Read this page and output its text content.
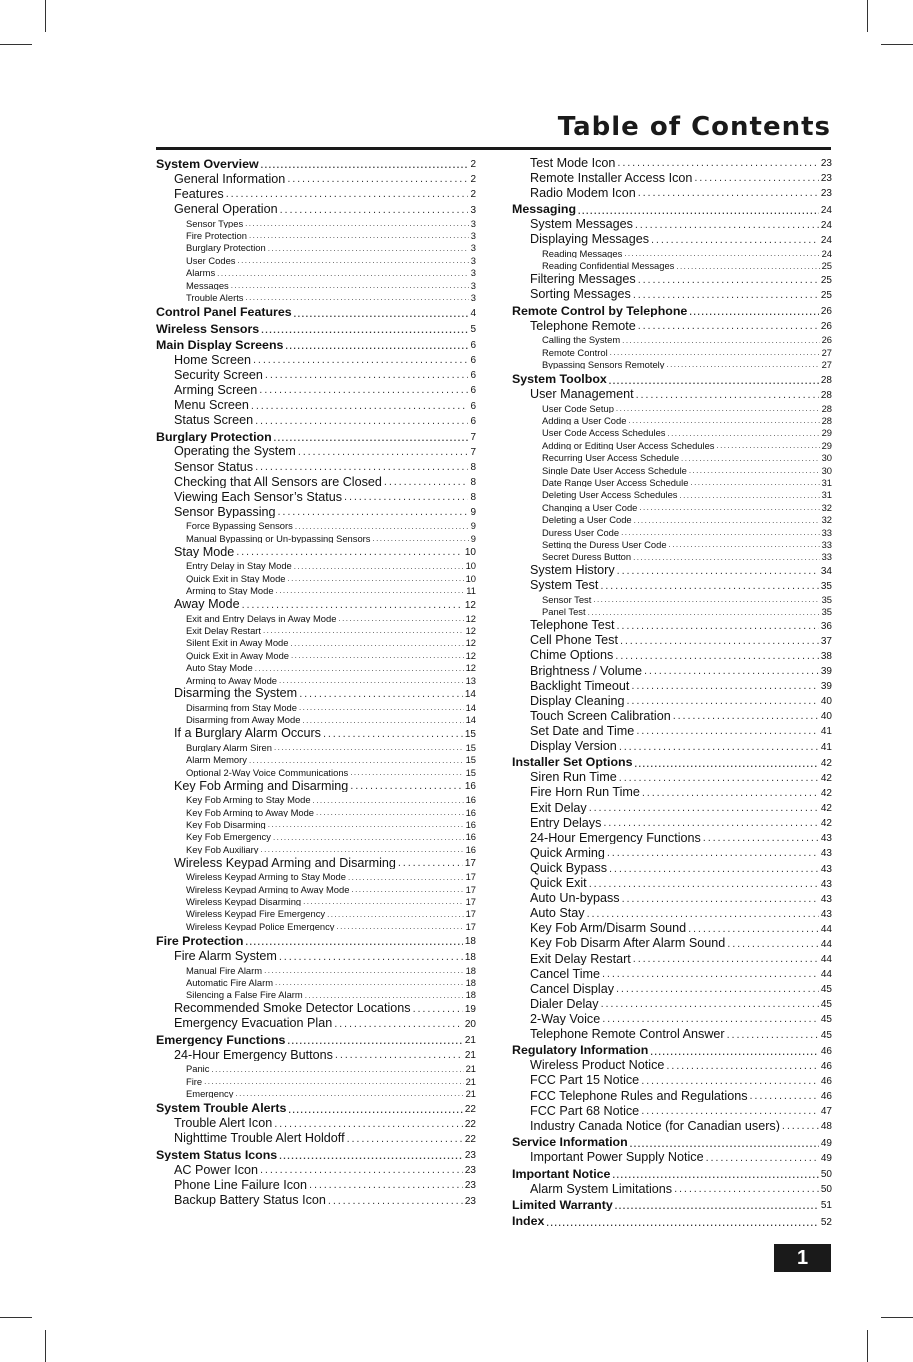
Table of Contents
System Overview . . .	2
General Information . . .	2
Features . . .	2
General Operation . . .	3
Sensor Types . . .	3
Fire Protection . . .	3
Burglary Protection . . .	3
User Codes . . .	3
Alarms . . .	3
Messages . . .	3
Trouble Alerts . . .	3
Control Panel Features . . .	4
Wireless Sensors . . .	5
Main Display Screens . . .	6
Home Screen . . .	6
Security Screen . . .	6
Arming Screen . . .	6
Menu Screen . . .	6
Status Screen . . .	6
Burglary Protection . . .	7
Operating the System . . .	7
Sensor Status . . .	8
Checking that All Sensors are Closed . . .	8
Viewing Each Sensor’s Status . . .	8
Sensor Bypassing . . .	9
Force Bypassing Sensors . . .	9
Manual Bypassing or Un-bypassing Sensors . . .	9
Stay Mode . . .	10
Entry Delay in Stay Mode . . .	10
Quick Exit in Stay Mode . . .	10
Arming to Stay Mode . . .	11
Away Mode . . .	12
Exit and Entry Delays in Away Mode . . .	12
Exit Delay Restart . . .	12
Silent Exit in Away Mode . . .	12
Quick Exit in Away Mode . . .	12
Auto Stay Mode . . .	12
Arming to Away Mode . . .	13
Disarming the System . . .	14
Disarming from Stay Mode . . .	14
Disarming from Away Mode . . .	14
If a Burglary Alarm Occurs . . .	15
Burglary Alarm Siren . . .	15
Alarm Memory . . .	15
Optional 2-Way Voice Communications . . .	15
Key Fob Arming and Disarming . . .	16
Key Fob Arming to Stay Mode . . .	16
Key Fob Arming to Away Mode . . .	16
Key Fob Disarming . . .	16
Key Fob Emergency . . .	16
Key Fob Auxiliary . . .	16
Wireless Keypad Arming and Disarming . . .	17
Wireless Keypad Arming to Stay Mode . . .	17
Wireless Keypad Arming to Away Mode . . .	17
Wireless Keypad Disarming . . .	17
Wireless Keypad Fire Emergency . . .	17
Wireless Keypad Police Emergency . . .	17
Fire Protection . . .	18
Fire Alarm System . . .	18
Manual Fire Alarm . . .	18
Automatic Fire Alarm . . .	18
Silencing a False Fire Alarm . . .	18
Recommended Smoke Detector Locations . . .	19
Emergency Evacuation Plan . . .	20
Emergency Functions . . .	21
24-Hour Emergency Buttons . . .	21
Panic . . .	21
Fire . . .	21
Emergency . . .	21
System Trouble Alerts . . .	22
Trouble Alert Icon . . .	22
Nighttime Trouble Alert Holdoff . . .	22
System Status Icons . . .	23
AC Power Icon . . .	23
Phone Line Failure Icon . . .	23
Backup Battery Status Icon . . .	23
Test Mode Icon . . .	23
Remote Installer Access Icon . . .	23
Radio Modem Icon . . .	23
Messaging . . .	24
System Messages . . .	24
Displaying Messages . . .	24
Reading Messages . . .	24
Reading Confidential Messages . . .	25
Filtering Messages . . .	25
Sorting Messages . . .	25
Remote Control by Telephone . . .	26
Telephone Remote . . .	26
Calling the System . . .	26
Remote Control . . .	27
Bypassing Sensors Remotely . . .	27
System Toolbox . . .	28
User Management . . .	28
User Code Setup . . .	28
Adding a User Code . . .	28
User Code Access Schedules . . .	29
Adding or Editing User Access Schedules . . .	29
Recurring User Access Schedule . . .	30
Single Date User Access Schedule . . .	30
Date Range User Access Schedule . . .	31
Deleting User Access Schedules . . .	31
Changing a User Code . . .	32
Deleting a User Code . . .	32
Duress User Code . . .	33
Setting the Duress User Code . . .	33
Secret Duress Button . . .	33
System History . . .	34
System Test . . .	35
Sensor Test . . .	35
Panel Test . . .	35
Telephone Test . . .	36
Cell Phone Test . . .	37
Chime Options . . .	38
Brightness / Volume . . .	39
Backlight Timeout . . .	39
Display Cleaning . . .	40
Touch Screen Calibration . . .	40
Set Date and Time . . .	41
Display Version . . .	41
Installer Set Options . . .	42
Siren Run Time . . .	42
Fire Horn Run Time . . .	42
Exit Delay . . .	42
Entry Delays . . .	42
24-Hour Emergency Functions . . .	43
Quick Arming . . .	43
Quick Bypass . . .	43
Quick Exit . . .	43
Auto Un-bypass . . .	43
Auto Stay . . .	43
Key Fob Arm/Disarm Sound . . .	44
Key Fob Disarm After Alarm Sound . . .	44
Exit Delay Restart . . .	44
Cancel Time . . .	44
Cancel Display . . .	45
Dialer Delay . . .	45
2-Way Voice . . .	45
Telephone Remote Control Answer . . .	45
Regulatory Information . . .	46
Wireless Product Notice . . .	46
FCC Part 15 Notice . . .	46
FCC Telephone Rules and Regulations . . .	46
FCC Part 68 Notice . . .	47
Industry Canada Notice (for Canadian users) . . .	48
Service Information . . .	49
Important Power Supply Notice . . .	49
Important Notice . . .	50
Alarm System Limitations . . .	50
Limited Warranty . . .	51
Index . . .	52
1
